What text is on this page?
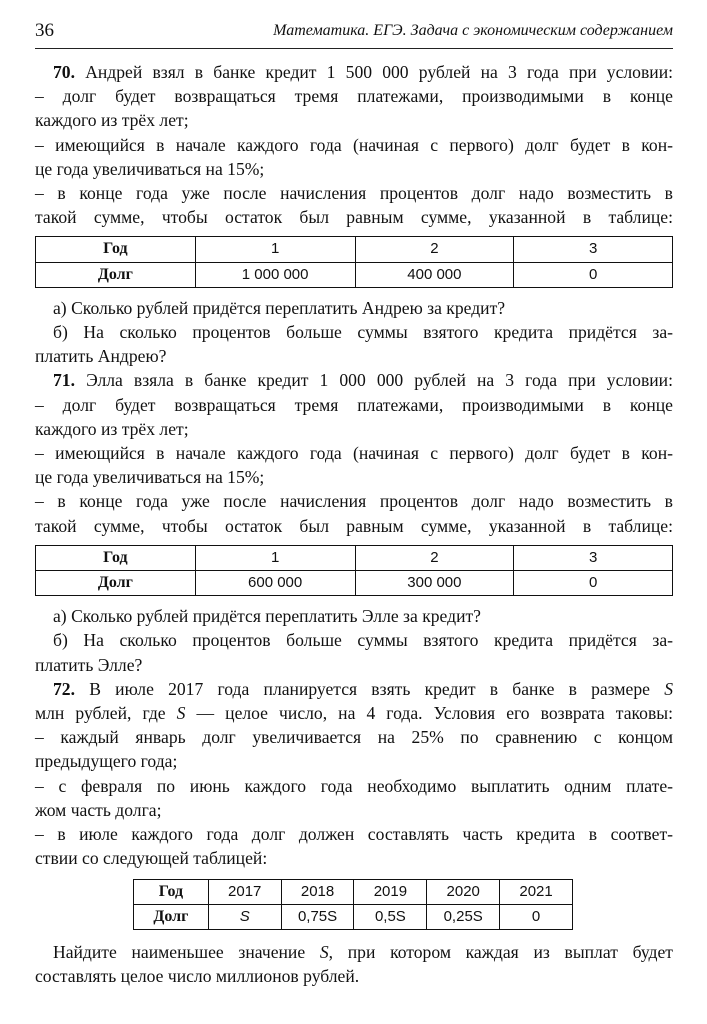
36	Математика. ЕГЭ. Задача с экономическим содержанием
70. Андрей взял в банке кредит 1 500 000 рублей на 3 года при условии:
– долг будет возвращаться тремя платежами, производимыми в конце
каждого из трёх лет;
– имеющийся в начале каждого года (начиная с первого) долг будет в кон-
це года увеличиваться на 15%;
– в конце года уже после начисления процентов долг надо возместить в
такой сумме, чтобы остаток был равным сумме, указанной в таблице:
Год	1	2	3
Долг	1 000 000	400 000	0
а) Сколько рублей придётся переплатить Андрею за кредит?
б) На сколько процентов больше суммы взятого кредита придётся за-
платить Андрею?
71. Элла взяла в банке кредит 1 000 000 рублей на 3 года при условии:
– долг будет возвращаться тремя платежами, производимыми в конце
каждого из трёх лет;
– имеющийся в начале каждого года (начиная с первого) долг будет в кон-
це года увеличиваться на 15%;
– в конце года уже после начисления процентов долг надо возместить в
такой сумме, чтобы остаток был равным сумме, указанной в таблице:
Год	1	2	3
Долг	600 000	300 000	0
а) Сколько рублей придётся переплатить Элле за кредит?
б) На сколько процентов больше суммы взятого кредита придётся за-
платить Элле?
72. В июле 2017 года планируется взять кредит в банке в размере S
млн рублей, где S — целое число, на 4 года. Условия его возврата таковы:
– каждый январь долг увеличивается на 25% по сравнению с концом
предыдущего года;
– с февраля по июнь каждого года необходимо выплатить одним плате-
жом часть долга;
– в июле каждого года долг должен составлять часть кредита в соответ-
ствии со следующей таблицей:
Год	2017	2018	2019	2020	2021
Долг	S	0,75S	0,5S	0,25S	0
Найдите наименьшее значение S, при котором каждая из выплат будет
составлять целое число миллионов рублей.
